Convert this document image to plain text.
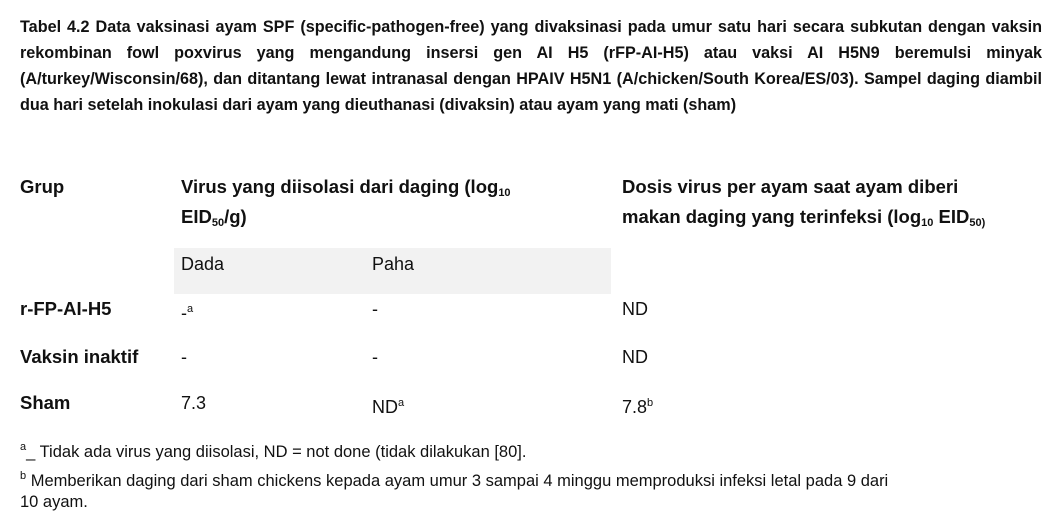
Tabel 4.2 Data vaksinasi ayam SPF (specific-pathogen-free) yang divaksinasi pada umur satu hari secara subkutan dengan vaksin rekombinan fowl poxvirus yang mengandung insersi gen AI H5 (rFP-AI-H5) atau vaksi AI H5N9 beremulsi minyak (A/turkey/Wisconsin/68), dan ditantang lewat intranasal dengan HPAIV H5N1 (A/chicken/South Korea/ES/03). Sampel daging diambil dua hari setelah inokulasi dari ayam yang dieuthanasi (divaksin) atau ayam yang mati (sham)
Grup	Virus yang diisolasi dari daging ($\log_{10}$
$EID_{50}/g$)
Dosis virus per ayam saat ayam diberi
makan daging yang terinfeksi ($\log_{10}$ $EID_{50)}$
Dada	Paha
r-FP-AI-H5	-$^a$	-	ND
Vaksin inaktif -	-	ND
Sham	7.3	$ND^a$	7.8$^b$
$^a$_ Tidak ada virus yang diisolasi, ND = not done (tidak dilakukan [80].
$^b$ Memberikan daging dari sham chickens kepada ayam umur 3 sampai 4 minggu memproduksi infeksi letal pada 9 dari
10 ayam.
